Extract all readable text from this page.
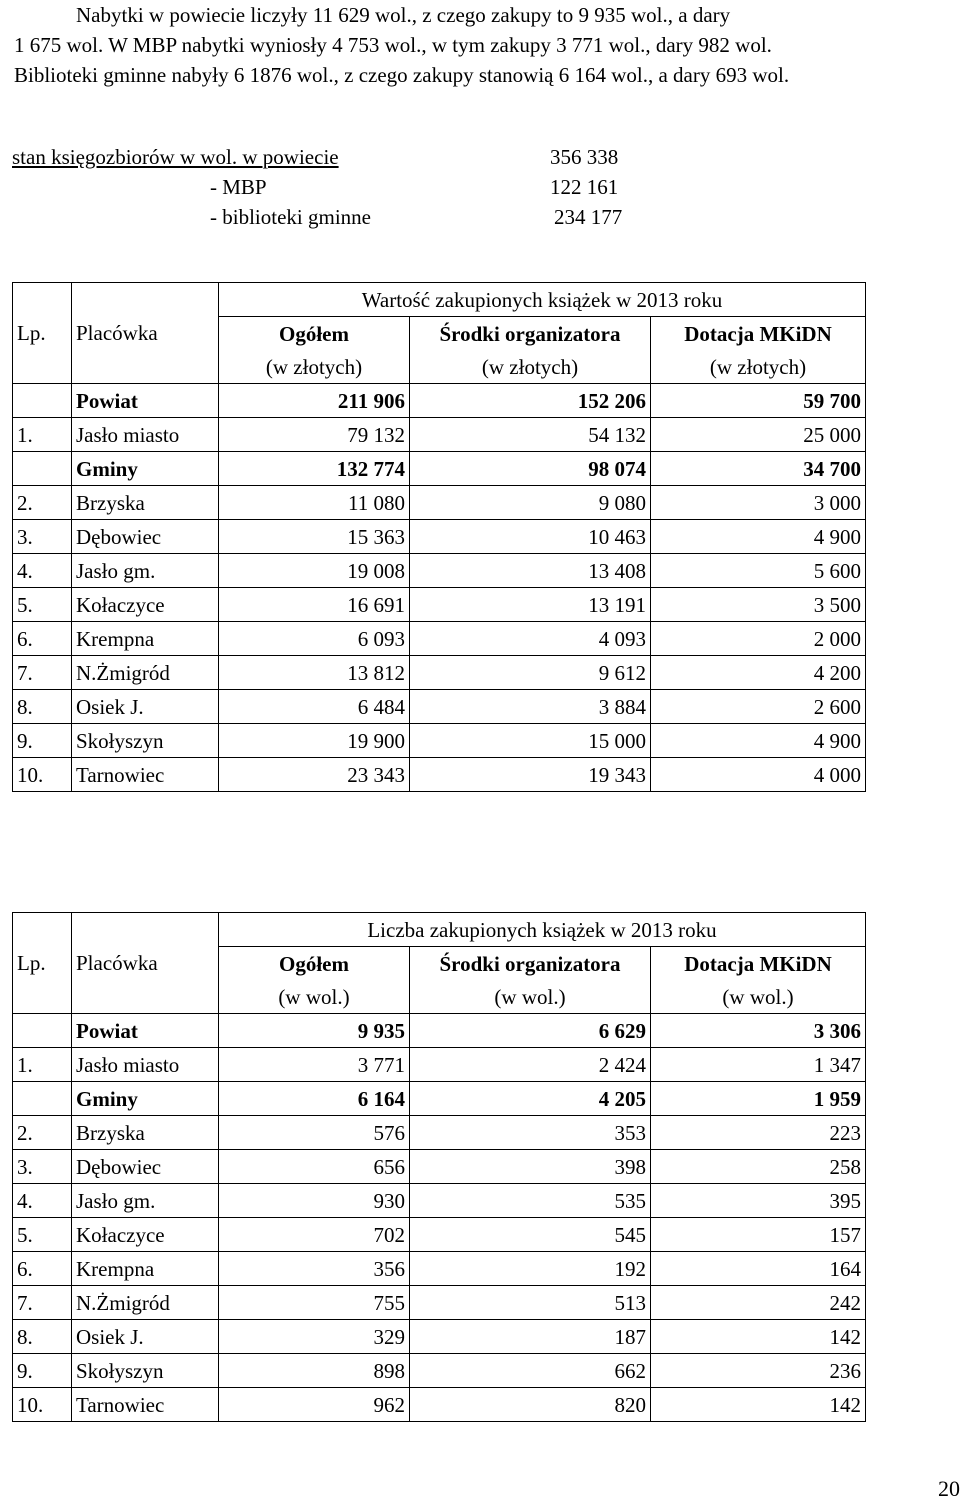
Nabytki w powiecie liczyły 11 629 wol., z czego zakupy to 9 935 wol., a dary
1 675 wol. W MBP nabytki wyniosły 4 753 wol., w tym zakupy 3 771 wol., dary 982 wol.
Biblioteki gminne nabyły 6 1876 wol., z czego zakupy stanowią 6 164 wol., a dary 693 wol.
stan księgozbiorów w wol. w powiecie	356 338
- MBP	122 161
- biblioteki gminne	234 177
		Wartość zakupionych książek w 2013 roku		
Lp.	Placówka	Ogółem	Środki organizatora	Dotacja MKiDN
		(w złotych)	(w złotych)	(w złotych)
	Powiat	211 906	152 206	59 700
1.	Jasło miasto	79 132	54 132	25 000
	Gminy	132 774	98 074	34 700
2.	Brzyska	11 080	9 080	3 000
3.	Dębowiec	15 363	10 463	4 900
4.	Jasło gm.	19 008	13 408	5 600
5.	Kołaczyce	16 691	13 191	3 500
6.	Krempna	6 093	4 093	2 000
7.	N.Żmigród	13 812	9 612	4 200
8.	Osiek J.	6 484	3 884	2 600
9.	Skołyszyn	19 900	15 000	4 900
10.	Tarnowiec	23 343	19 343	4 000
		Liczba zakupionych książek w 2013 roku		
Lp.	Placówka	Ogółem	Środki organizatora	Dotacja MKiDN
		(w wol.)	(w wol.)	(w wol.)
	Powiat	9 935	6 629	3 306
1.	Jasło miasto	3 771	2 424	1 347
	Gminy	6 164	4 205	1 959
2.	Brzyska	576	353	223
3.	Dębowiec	656	398	258
4.	Jasło gm.	930	535	395
5.	Kołaczyce	702	545	157
6.	Krempna	356	192	164
7.	N.Żmigród	755	513	242
8.	Osiek J.	329	187	142
9.	Skołyszyn	898	662	236
10.	Tarnowiec	962	820	142
20
